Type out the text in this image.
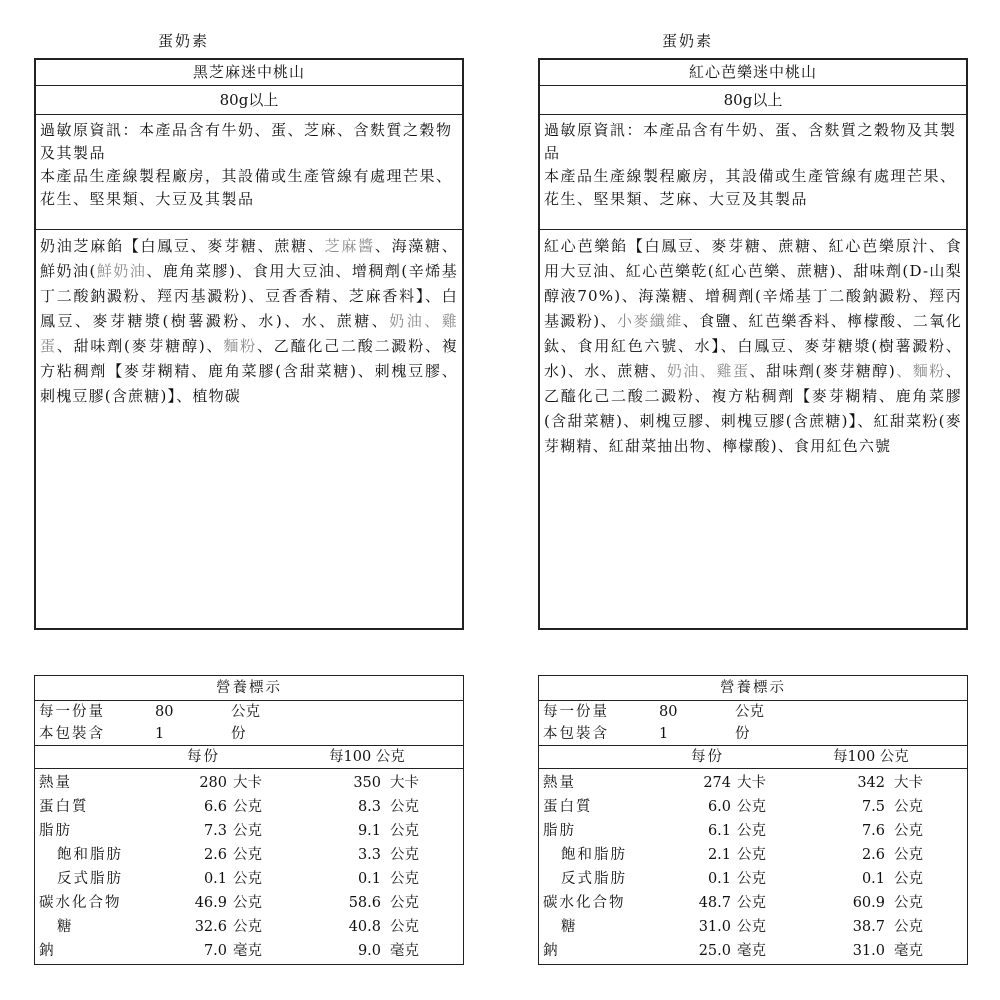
蛋奶素
黑芝麻迷中桃山
80g以上
過敏原資訊：本產品含有牛奶、蛋、芝麻、含麩質之穀物及其製品
本產品生產線製程廠房，其設備或生產管線有處理芒果、花生、堅果類、大豆及其製品
奶油芝麻餡【白鳳豆、麥芽糖、蔗糖、芝麻醬、海藻糖、鮮奶油(鮮奶油、鹿角菜膠)、食用大豆油、增稠劑(辛烯基丁二酸鈉澱粉、羥丙基澱粉)、豆香香精、芝麻香料】、白鳳豆、麥芽糖漿(樹薯澱粉、水)、水、蔗糖、奶油、雞蛋、甜味劑(麥芽糖醇)、麵粉、乙醯化己二酸二澱粉、複方粘稠劑【麥芽糊精、鹿角菜膠(含甜菜糖)、刺槐豆膠、刺槐豆膠(含蔗糖)】、植物碳
蛋奶素
紅心芭樂迷中桃山
80g以上
過敏原資訊：本產品含有牛奶、蛋、含麩質之穀物及其製品
本產品生產線製程廠房，其設備或生產管線有處理芒果、花生、堅果類、芝麻、大豆及其製品
紅心芭樂餡【白鳳豆、麥芽糖、蔗糖、紅心芭樂原汁、食用大豆油、紅心芭樂乾(紅心芭樂、蔗糖)、甜味劑(D-山梨醇液70%)、海藻糖、增稠劑(辛烯基丁二酸鈉澱粉、羥丙基澱粉)、小麥纖維、食鹽、紅芭樂香料、檸檬酸、二氧化鈦、食用紅色六號、水】、白鳳豆、麥芽糖漿(樹薯澱粉、水)、水、蔗糖、奶油、雞蛋、甜味劑(麥芽糖醇)、麵粉、乙醯化己二酸二澱粉、複方粘稠劑【麥芽糊精、鹿角菜膠(含甜菜糖)、刺槐豆膠、刺槐豆膠(含蔗糖)】、紅甜菜粉(麥芽糊精、紅甜菜抽出物、檸檬酸)、食用紅色六號
營養標示
每一份量	80	公克
本包裝含	1	份
每份	每100 公克
熱量	280 大卡	350 大卡
蛋白質	6.6 公克	8.3 公克
脂肪	7.3 公克	9.1 公克
飽和脂肪	2.6 公克	3.3 公克
反式脂肪	0.1 公克	0.1 公克
碳水化合物	46.9 公克	58.6 公克
糖	32.6 公克	40.8 公克
鈉	7.0 毫克	9.0 毫克
營養標示
每一份量	80	公克
本包裝含	1	份
每份	每100 公克
熱量	274 大卡	342 大卡
蛋白質	6.0 公克	7.5 公克
脂肪	6.1 公克	7.6 公克
飽和脂肪	2.1 公克	2.6 公克
反式脂肪	0.1 公克	0.1 公克
碳水化合物	48.7 公克	60.9 公克
糖	31.0 公克	38.7 公克
鈉	25.0 毫克	31.0 毫克
